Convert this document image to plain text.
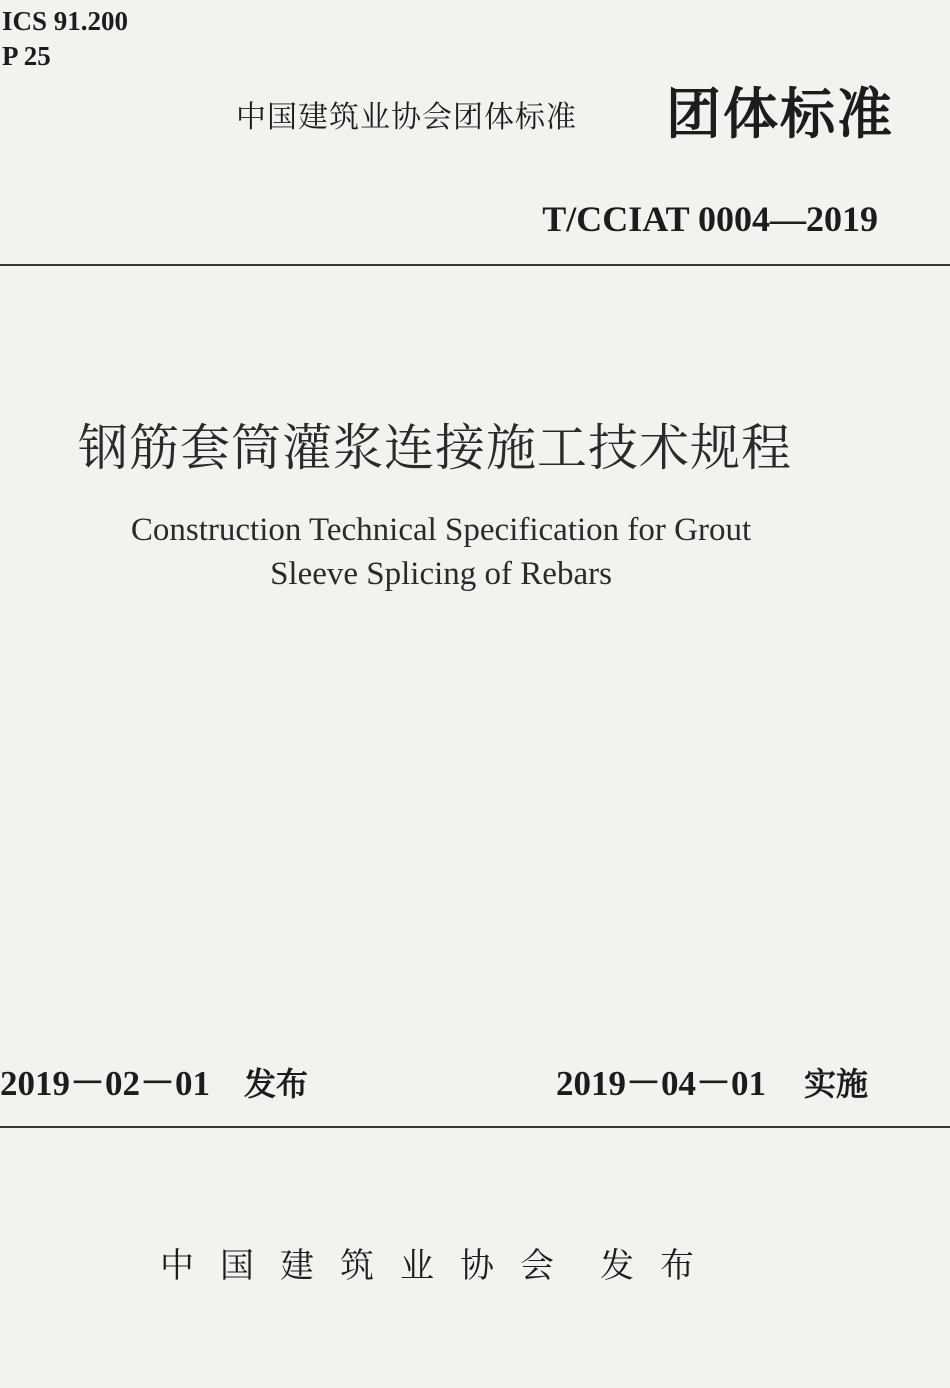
ICS 91.200
P 25
中国建筑业协会团体标准 团体标准
T/CCIAT 0004—2019
钢筋套筒灌浆连接施工技术规程
Construction Technical Specification for Grout
Sleeve Splicing of Rebars
2019－02－01 发布	2019－04－01 实施
中国建筑业协会 发布
